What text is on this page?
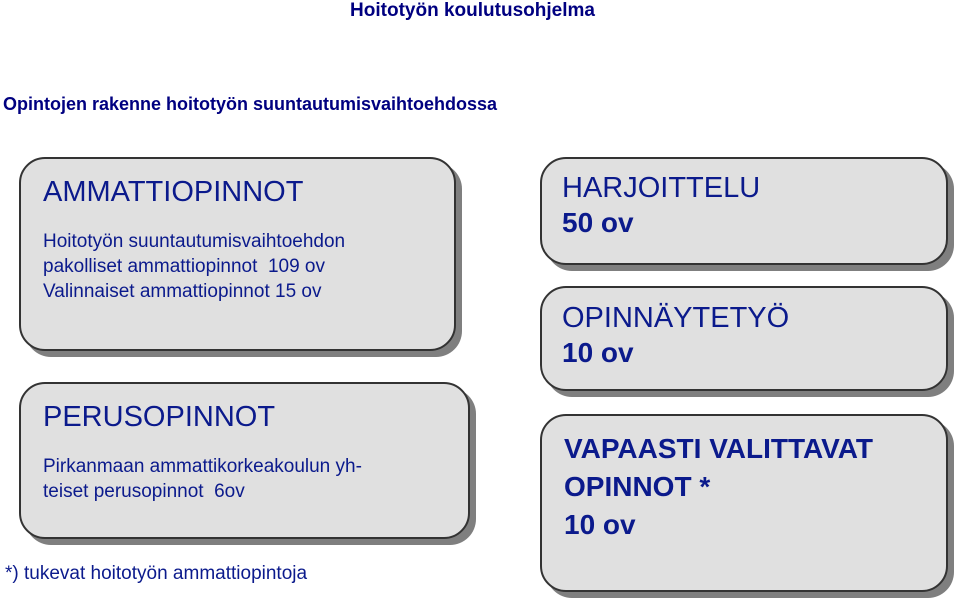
Hoitotyön koulutusohjelma
Opintojen rakenne hoitotyön suuntautumisvaihtoehdossa
AMMATTIOPINNOT
Hoitotyön suuntautumisvaihtoehdon
pakolliset ammattiopinnot  109 ov
Valinnaiset ammattiopinnot 15 ov
PERUSOPINNOT
Pirkanmaan ammattikorkeakoulun yh-
teiset perusopinnot  6ov
HARJOITTELU
50 ov
OPINNÄYTETYÖ
10 ov
VAPAASTI VALITTAVAT
OPINNOT *
10 ov
*) tukevat hoitotyön ammattiopintoja
